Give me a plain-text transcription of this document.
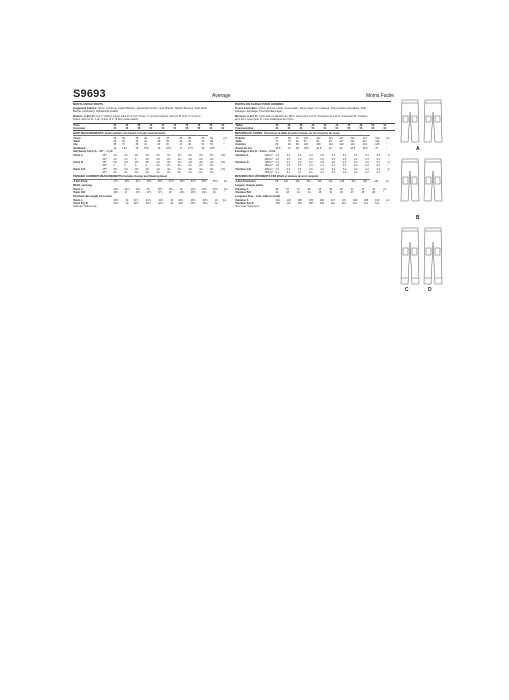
S9693	Average	Moins Facile
MEN'S CARGO PANTS
Suggested Fabrics: Chino, Corduroy, Cotton Blends, Lightweight Denim, Linen Blends, Stretch Wovens, Twill, Wool Blends. Interfacing: Lightweight Fusible.
Notions: A,B,C,D: One 7" (18cm) zipper. Also for A,C,D: Three ⅞" (2.2cm) buttons. Also for B: One ⅞" (2.2cm) button. Also for D: 1 yd. (1.0m) of 1" (2.5cm) wide elastic.
Sizes		34	36	38	40	42	44	46	48	50	52
European		44	46	48	50	52	54	56	58	60	62
BODY MEASUREMENTS: Select pattern size based on body measurements
Chest		34	36	38	40	42	44	46	48	50	52	Ins
Waist		28	30	32	34	36	39	42	44	46	48	"
Hip		35	37	39	41	43	45	47	49	51	53	"
Neckband		14	14½	15	15½	16	16½	17	17½	18	18½	"
Interfacing A,B,C,D – 20" – ½ yd.
Pants A	45"*	2¼	2¼	2¼	2½	2½	3¼	3¼	3¼	3½	3½	Yds
	60"*	1¾	1¾	2	2⅛	2⅛	2⅛	2⅛	2⅛	2⅛	2⅛	"
Pants B	45"*	2⅜	2⅜	2⅜	2⅜	3⅛	3⅛	3⅛	3⅛	3⅛	3⅜	Yds
	60"*	2	2	2	2	2¼	2¼	2¼	2¼	2¼	2¼	"
Pants C,D	45"*	2⅜	2⅜	2⅜	2⅜	3⅛	3⅛	3⅛	3⅛	3⅛	3⅜	Yds
	60"*	2¼	2¼	2¼	2¼	2¼	2¼	2¼	2¼	2¼	2¼	"
FINISHED GARMENT MEASUREMENTS (Includes Design and Wearing Ease)
A,B,C,D Hip		37½	39½	41½	43½	45½	47½	49½	51½	53½	55½	Ins.
Width, each leg
Pants A		14½	14¾	14½	15	15½	15¾	16	16¼	16½	16¾	Ins.
Pants B,D		16½	17	17¼	17½	17¾	18	18¼	18½	18¾	19	"
Finished side length from waist
Pants A		40½	41	41½	41½	41½	42	42½	42½	42½	43	Ins.
Pants B,C,D		41½	42	42½	42½	42½	43	43½	43½	43½	44	"
*with nap **without nap
PANTALON CARGO POUR HOMMES
Tissus Conseillés: Chino, Velours côtelé, Cotonnades, Denim léger, Lin mélangé, Tissus tissés extensibles, Twill, Lainages. Entoilage: Thermocollant léger.
Mercerie: A,B,C,D: 1 fermeture à glissière de 18cm. Aussi pour A,C,D: 3 boutons de 2.2cm. Aussi pour B: 1 bouton de 2.2cm. Aussi pour D: 1.0m d'élastique de 2.5cm.
Tailles		34	36	38	40	42	44	46	48	50	52
Françaises/Eur		44	46	48	50	52	54	56	58	60	62
MESURES DU CORPS: Choisissez la taille du patron basée sur les mesures du corps
Poitrine		87	92	97	102	107	112	117	122	127	132	cm
Taille		71	76	81	87	92	99	107	112	117	122	"
Hanches		89	94	99	104	109	114	119	124	130	135	"
Bande du Col		35.5	37	38	39.5	40.5	42	43	44.5	45.5	47	"
Entoilage A,B,C,D – 51cm – 0.5m
Pantalon A	115cm*	2.2	2.2	2.3	2.4	2.6	3.1	3.1	3.1	3.1	3.2	m
	150cm*	1.6	1.6	1.9	2.0	2.0	2.2	2.2	2.2	2.3	2.3	"
Pantalon B	115cm*	2.2	2.2	2.2	2.2	2.9	2.9	2.9	3.2	3.2	3.4	m
	150cm*	1.8	1.8	1.9	1.9	2.1	2.1	2.1	2.2	2.2	2.2	"
Pantalon C,D	115cm*	2.6	2.6	2.6	2.6	3.2	3.2	3.2	3.2	3.2	3.4	m
	150cm*	2.1	2.1	2.1	2.1	2.2	2.2	2.2	2.2	2.2	2.3	"
MESURES DES VÊTEMENTS FINI (Motif et aisance de port compris)
A,B,C,D Hanches		95	100	106	111	116	121	126	131	136	141	cm
Largeur, chaque jambe
Pantalon A		36	37	37	38	39	39	40	41	41	42	cm
Pantalon B,D		42	43	44	44	45	46	46	47	48	48	"
Longueur finie – côté, taille à l'ourlet
Pantalon A		104	104	105	105	106	107	107	108	108	109	cm
Pantalon B,C,D		106	107	107	108	109	110	110	111	111	112	"
*avec sens **sans sens
A
B
C	D
